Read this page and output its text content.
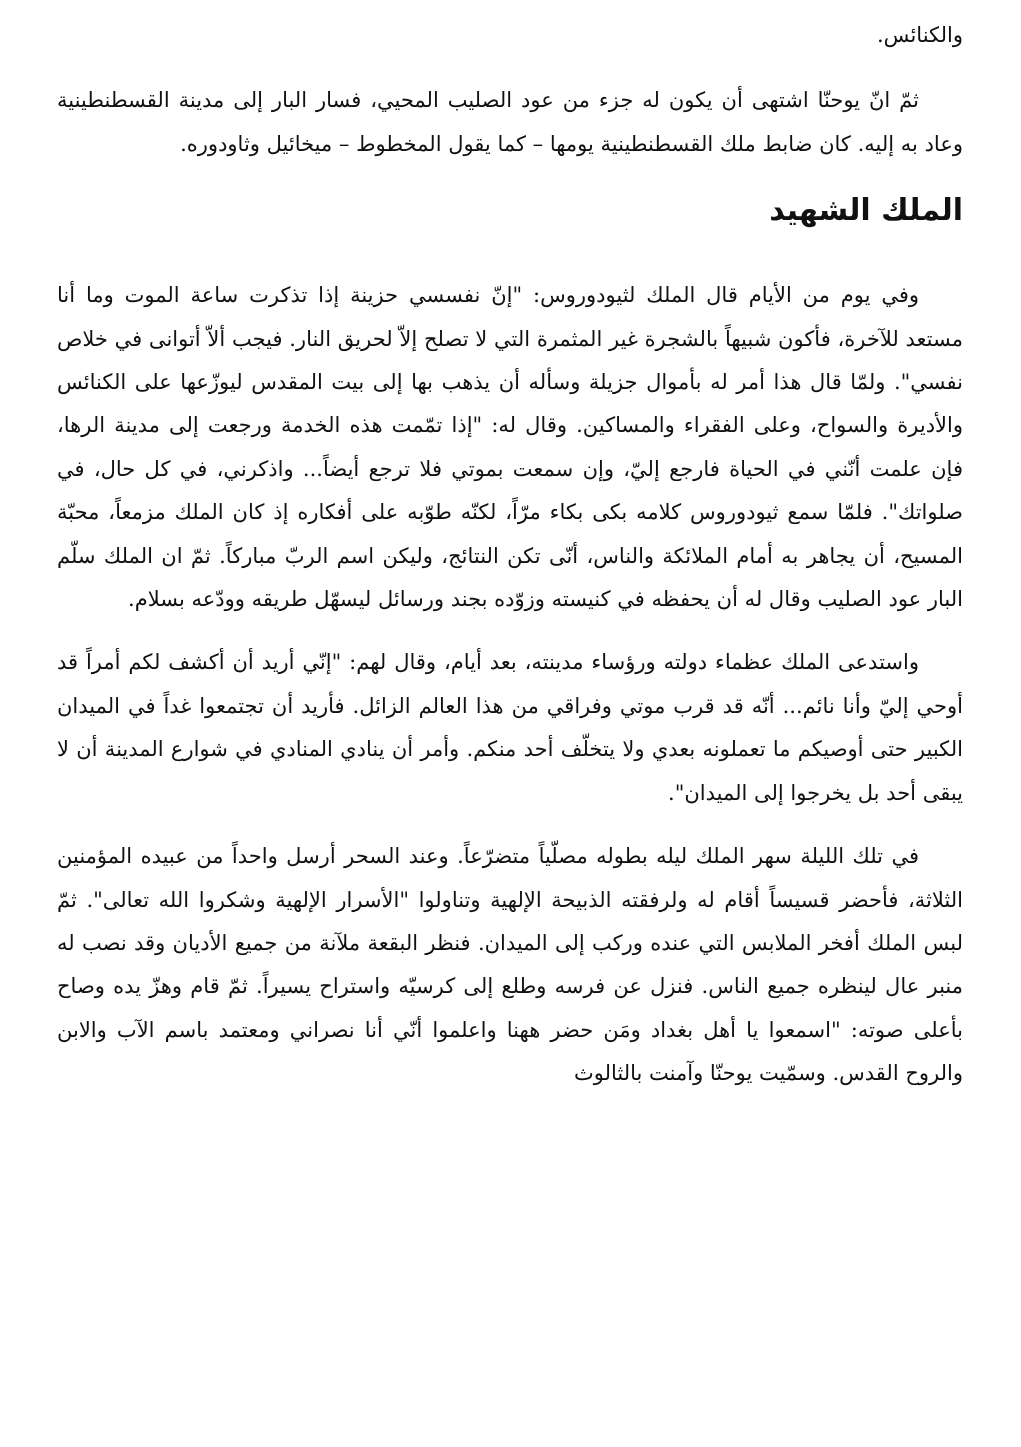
والكنائس.

ثمّ انّ يوحنّا اشتهى أن يكون له جزء من عود الصليب المحيي، فسار البار إلى مدينة القسطنطينية وعاد به إليه. كان ضابط ملك القسطنطينية يومها – كما يقول المخطوط – ميخائيل وثاودوره.

الملك الشهيد

وفي يوم من الأيام قال الملك لثيودوروس: "إنّ نفسسي حزينة إذا تذكرت ساعة الموت وما أنا مستعد للآخرة، فأكون شبيهاً بالشجرة غير المثمرة التي لا تصلح إلاّ لحريق النار. فيجب ألاّ أتوانى في خلاص نفسي". ولمّا قال هذا أمر له بأموال جزيلة وسأله أن يذهب بها إلى بيت المقدس ليوزّعها على الكنائس والأديرة والسواح، وعلى الفقراء والمساكين. وقال له: "إذا تمّمت هذه الخدمة ورجعت إلى مدينة الرها، فإن علمت أنّني في الحياة فارجع إليّ، وإن سمعت بموتي فلا ترجع أيضاً... واذكرني، في كل حال، في صلواتك". فلمّا سمع ثيودوروس كلامه بكى بكاء مرّاً، لكنّه طوّبه على أفكاره إذ كان الملك مزمعاً، محبّة المسيح، أن يجاهر به أمام الملائكة والناس، أنّى تكن النتائج، وليكن اسم الربّ مباركاً. ثمّ ان الملك سلّم البار عود الصليب وقال له أن يحفظه في كنيسته وزوّده بجند ورسائل ليسهّل طريقه وودّعه بسلام.

واستدعى الملك عظماء دولته ورؤساء مدينته، بعد أيام، وقال لهم: "إنّي أريد أن أكشف لكم أمراً قد أوحي إليّ وأنا نائم... أنّه قد قرب موتي وفراقي من هذا العالم الزائل. فأريد أن تجتمعوا غداً في الميدان الكبير حتى أوصيكم ما تعملونه بعدي ولا يتخلّف أحد منكم. وأمر أن ينادي المنادي في شوارع المدينة أن لا يبقى أحد بل يخرجوا إلى الميدان".

في تلك الليلة سهر الملك ليله بطوله مصلّياً متضرّعاً. وعند السحر أرسل واحداً من عبيده المؤمنين الثلاثة، فأحضر قسيساً أقام له ولرفقته الذبيحة الإلهية وتناولوا "الأسرار الإلهية وشكروا الله تعالى". ثمّ لبس الملك أفخر الملابس التي عنده وركب إلى الميدان. فنظر البقعة ملآنة من جميع الأديان وقد نصب له منبر عال لينظره جميع الناس. فنزل عن فرسه وطلع إلى كرسيّه واستراح يسيراً. ثمّ قام وهزّ يده وصاح بأعلى صوته: "اسمعوا يا أهل بغداد ومَن حضر ههنا واعلموا أنّي أنا نصراني ومعتمد باسم الآب والابن والروح القدس. وسمّيت يوحنّا وآمنت بالثالوث
